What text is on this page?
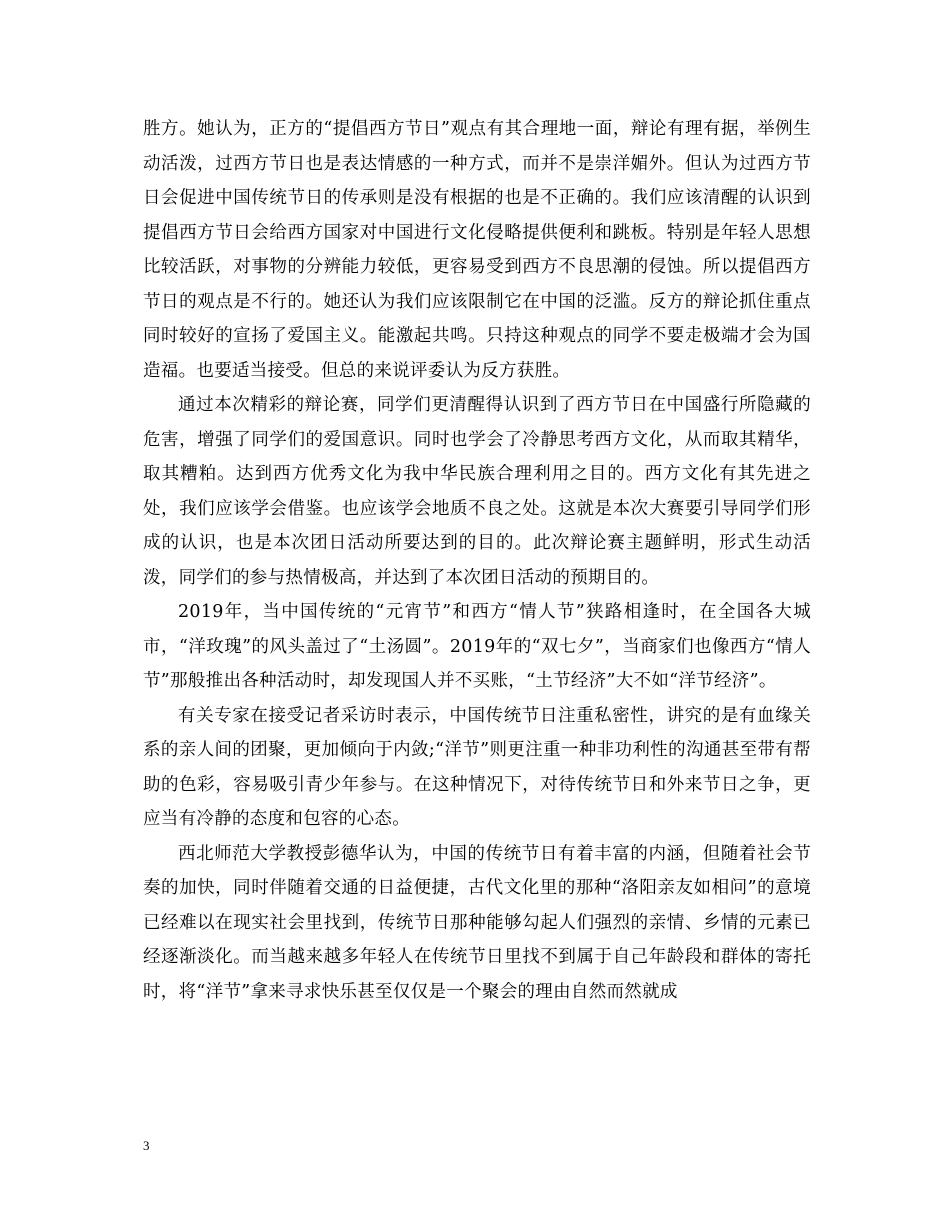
胜方。她认为，正方的“提倡西方节日”观点有其合理地一面，辩论有理有据，举例生动活泼，过西方节日也是表达情感的一种方式，而并不是崇洋媚外。但认为过西方节日会促进中国传统节日的传承则是没有根据的也是不正确的。我们应该清醒的认识到提倡西方节日会给西方国家对中国进行文化侵略提供便利和跳板。特别是年轻人思想比较活跃，对事物的分辨能力较低，更容易受到西方不良思潮的侵蚀。所以提倡西方节日的观点是不行的。她还认为我们应该限制它在中国的泛滥。反方的辩论抓住重点同时较好的宣扬了爱国主义。能激起共鸣。只持这种观点的同学不要走极端才会为国造福。也要适当接受。但总的来说评委认为反方获胜。

通过本次精彩的辩论赛，同学们更清醒得认识到了西方节日在中国盛行所隐藏的危害，增强了同学们的爱国意识。同时也学会了冷静思考西方文化，从而取其精华，取其糟粕。达到西方优秀文化为我中华民族合理利用之目的。西方文化有其先进之处，我们应该学会借鉴。也应该学会地质不良之处。这就是本次大赛要引导同学们形成的认识，也是本次团日活动所要达到的目的。此次辩论赛主题鲜明，形式生动活泼，同学们的参与热情极高，并达到了本次团日活动的预期目的。

2019年，当中国传统的“元宵节”和西方“情人节”狭路相逢时，在全国各大城市，“洋玫瑰”的风头盖过了“土汤圆”。2019年的“双七夕”，当商家们也像西方“情人节”那般推出各种活动时，却发现国人并不买账，“土节经济”大不如“洋节经济”。

有关专家在接受记者采访时表示，中国传统节日注重私密性，讲究的是有血缘关系的亲人间的团聚，更加倾向于内敛;“洋节”则更注重一种非功利性的沟通甚至带有帮助的色彩，容易吸引青少年参与。在这种情况下，对待传统节日和外来节日之争，更应当有冷静的态度和包容的心态。

西北师范大学教授彭德华认为，中国的传统节日有着丰富的内涵，但随着社会节奏的加快，同时伴随着交通的日益便捷，古代文化里的那种“洛阳亲友如相问”的意境已经难以在现实社会里找到，传统节日那种能够勾起人们强烈的亲情、乡情的元素已经逐渐淡化。而当越来越多年轻人在传统节日里找不到属于自己年龄段和群体的寄托时，将“洋节”拿来寻求快乐甚至仅仅是一个聚会的理由自然而然就成

3
